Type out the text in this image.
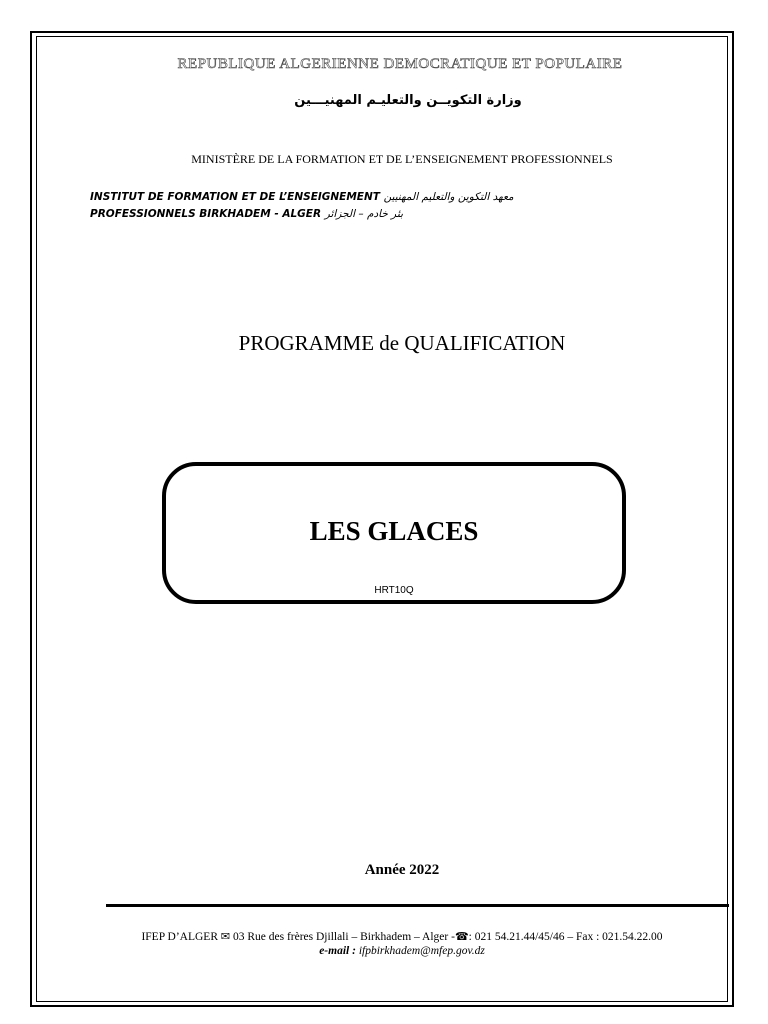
REPUBLIQUE ALGERIENNE DEMOCRATIQUE ET POPULAIRE
وزارة التكويــن والتعليـم المهنيـــين
MINISTÈRE DE LA FORMATION ET DE L’ENSEIGNEMENT PROFESSIONNELS
INSTITUT DE FORMATION ET DE L’ENSEIGNEMENT معهد التكوين والتعليم المهنيين
PROFESSIONNELS BIRKHADEM - ALGER بئر خادم – الجزائر
PROGRAMME de QUALIFICATION
LES GLACES
HRT10Q
Année 2022
IFEP D’ALGER ✉ 03 Rue des frères Djillali – Birkhadem – Alger -☎: 021 54.21.44/45/46 – Fax : 021.54.22.00
e-mail : ifpbirkhadem@mfep.gov.dz
